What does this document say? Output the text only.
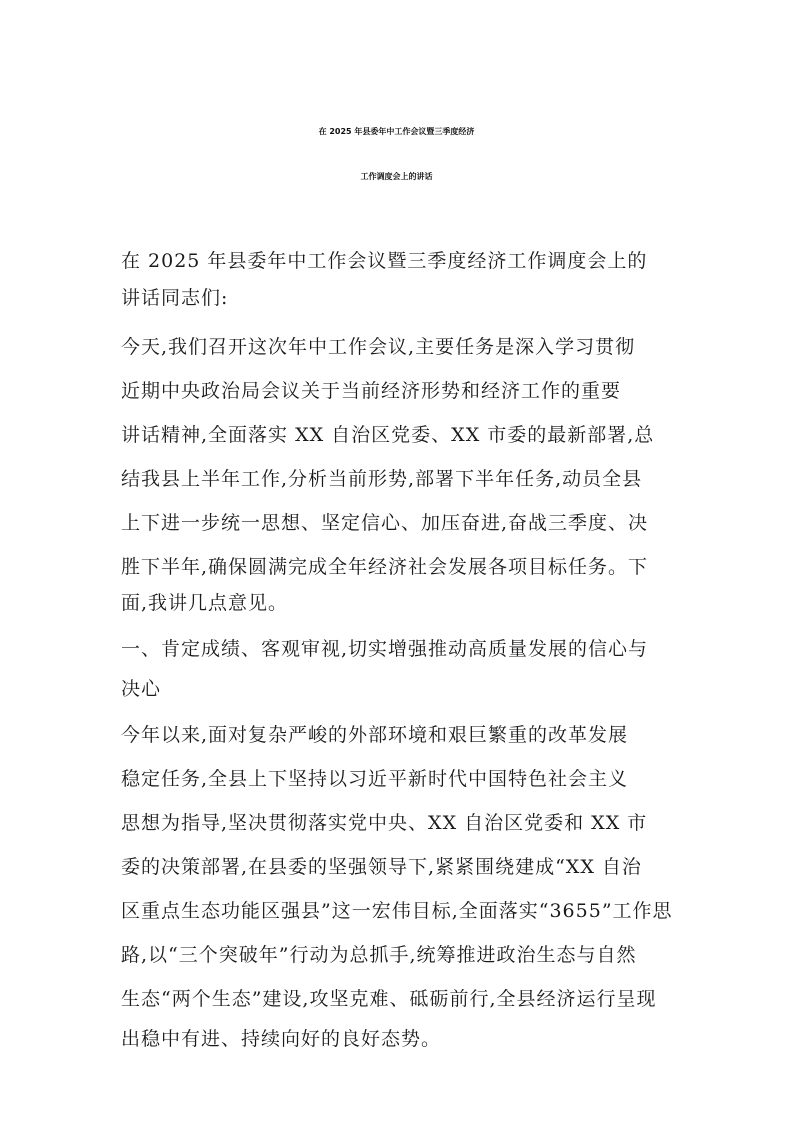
在 2025 年县委年中工作会议暨三季度经济
工作调度会上的讲话
在 2025 年县委年中工作会议暨三季度经济工作调度会上的
讲话同志们:
今天,我们召开这次年中工作会议,主要任务是深入学习贯彻
近期中央政治局会议关于当前经济形势和经济工作的重要
讲话精神,全面落实 XX 自治区党委、XX 市委的最新部署,总
结我县上半年工作,分析当前形势,部署下半年任务,动员全县
上下进一步统一思想、坚定信心、加压奋进,奋战三季度、决
胜下半年,确保圆满完成全年经济社会发展各项目标任务。下
面,我讲几点意见。
一、肯定成绩、客观审视,切实增强推动高质量发展的信心与
决心
今年以来,面对复杂严峻的外部环境和艰巨繁重的改革发展
稳定任务,全县上下坚持以习近平新时代中国特色社会主义
思想为指导,坚决贯彻落实党中央、XX 自治区党委和 XX 市
委的决策部署,在县委的坚强领导下,紧紧围绕建成“XX 自治
区重点生态功能区强县”这一宏伟目标,全面落实“3655”工作思
路,以“三个突破年”行动为总抓手,统筹推进政治生态与自然
生态“两个生态”建设,攻坚克难、砥砺前行,全县经济运行呈现
出稳中有进、持续向好的良好态势。
